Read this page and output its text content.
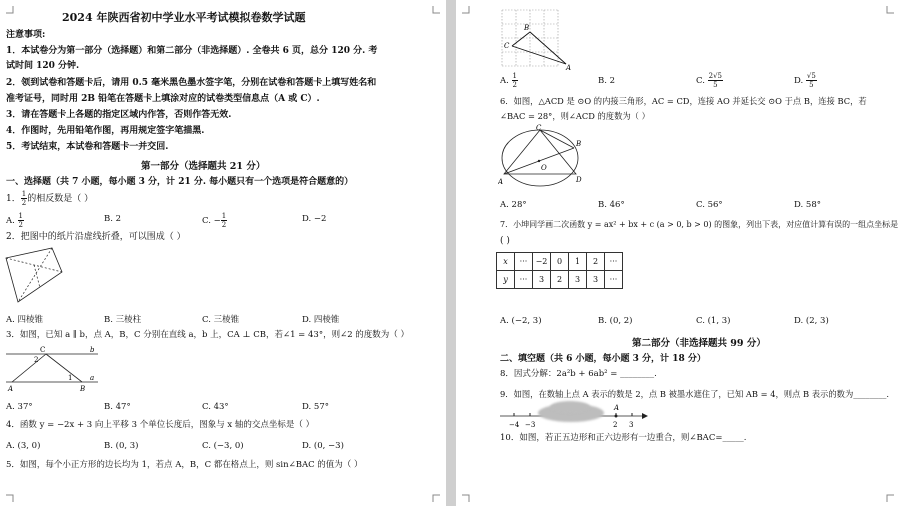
2024 年陕西省初中学业水平考试模拟卷数学试题
注意事项:
1．本试卷分为第一部分（选择题）和第二部分（非选择题）. 全卷共 6 页，总分 120 分. 考
试时间 120 分钟.
2．领到试卷和答题卡后，请用 0.5 毫米黑色墨水签字笔，分别在试卷和答题卡上填写姓名和
准考证号，同时用 2B 铅笔在答题卡上填涂对应的试卷类型信息点（A 或 C）.
3．请在答题卡上各题的指定区域内作答，否则作答无效.
4．作图时，先用铅笔作图，再用规定签字笔描黑.
5．考试结束，本试卷和答题卡一并交回.
第一部分（选择题共 21 分）
一、选择题（共 7 小题，每小题 3 分，计 21 分. 每小题只有一个选项是符合题意的）
1． $\frac{1}{2}$ 的相反数是（ ）
A. $\frac{1}{2}$	B. 2	C. − $\frac{1}{2}$	D. −2
2．把图中的纸片沿虚线折叠，可以围成（ ）
A. 四棱锥	B. 三棱柱	C. 三棱锥	D. 四棱锥
3．如图，已知 a ∥ b，点 A，B，C 分别在直线 a，b 上，CA ⊥ CB，若∠1 = 43°，则∠2 的度数为（ ）
C
2
b
1	a
A	B
A. 37°	B. 47°	C. 43°	D. 57°
4．函数 y = −2x + 3 向上平移 3 个单位长度后，图象与 x 轴的交点坐标是（ ）
A. (3, 0)	B. (0, 3)	C. (−3, 0)	D. (0, −3)
5．如图，每个小正方形的边长均为 1，若点 A，B，C 都在格点上，则 sin∠BAC 的值为（ ）
B
C
A
A. $\frac{1}{2}$	B. 2	C. $\frac{2√5}{5}$	D. $\frac{√5}{5}$
6．如图，△ACD 是 ⊙O 的内接三角形，AC = CD，连接 AO 并延长交 ⊙O 于点 B，连接 BC，若
∠BAC = 28°，则∠ACD 的度数为（ ）
C
B
O
A	D
A. 28°	B. 46°	C. 56°	D. 58°
7．小坤同学画二次函数 y = ax² + bx + c (a > 0, b > 0) 的图象，列出下表，对应值计算有误的一组点坐标是
( )
x	···	−2	0	1	2	···
y	···	3	2	3	3	···
A. (−2, 3)	B. (0, 2)	C. (1, 3)	D. (2, 3)
第二部分（非选择题共 99 分）
二、填空题（共 6 小题，每小题 3 分，计 18 分）
8．因式分解：2a²b + 6ab² = ________.
9．如图，在数轴上点 A 表示的数是 2，点 B 被墨水遮住了，已知 AB = 4，则点 B 表示的数为________.
−4 −3
A
2 3
10．如图，若正五边形和正六边形有一边重合，则∠BAC=_____.
